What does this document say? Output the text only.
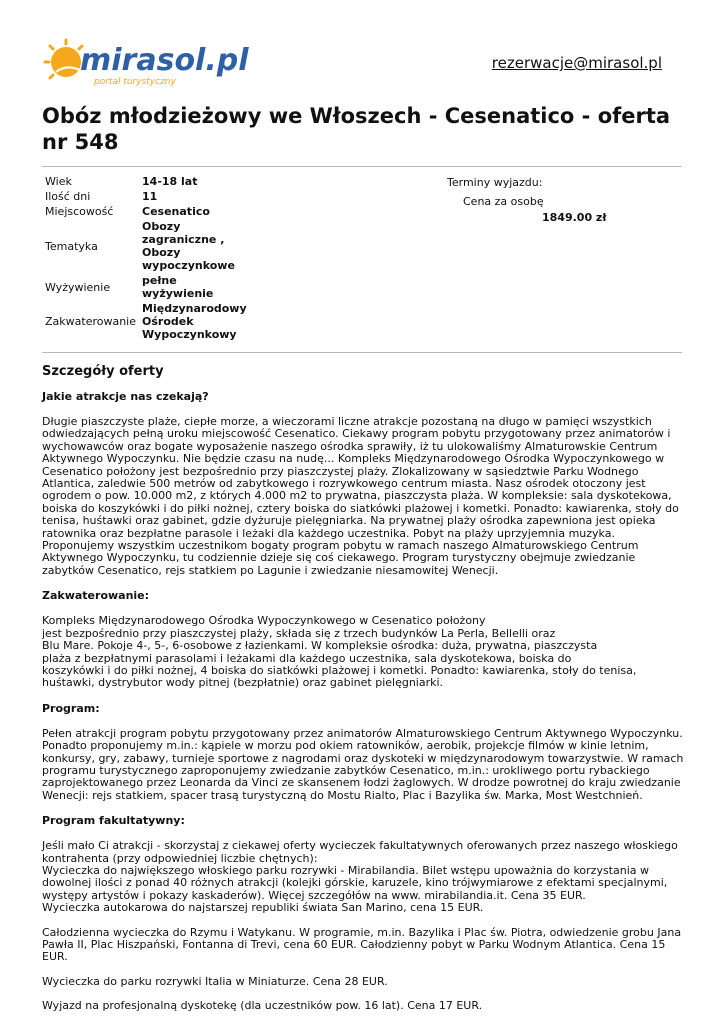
mirasol.pl
portal turystyczny
rezerwacje@mirasol.pl
Obóz młodzieżowy we Włoszech - Cesenatico - oferta nr 548
Wiek	14-18 lat
Ilość dni	11
Miejscowość	Cesenatico
Tematyka	Obozy zagraniczne , Obozy wypoczynkowe
Wyżywienie	pełne wyżywienie
Zakwaterowanie	Międzynarodowy Ośrodek Wypoczynkowy
Terminy wyjazdu:
Cena za osobę
1849.00 zł
Szczegóły oferty
Jakie atrakcje nas czekają?

Długie piaszczyste plaże, ciepłe morze, a wieczorami liczne atrakcje pozostaną na długo w pamięci wszystkich odwiedzających pełną uroku miejscowość Cesenatico. Ciekawy program pobytu przygotowany przez animatorów i wychowawców oraz bogate wyposażenie naszego ośrodka sprawiły, iż tu ulokowaliśmy Almaturowskie Centrum Aktywnego Wypoczynku. Nie będzie czasu na nudę... Kompleks Międzynarodowego Ośrodka Wypoczynkowego w Cesenatico położony jest bezpośrednio przy piaszczystej plaży. Zlokalizowany w sąsiedztwie Parku Wodnego Atlantica, zaledwie 500 metrów od zabytkowego i rozrywkowego centrum miasta. Nasz ośrodek otoczony jest ogrodem o pow. 10.000 m2, z których 4.000 m2 to prywatna, piaszczysta plaża. W kompleksie: sala dyskotekowa, boiska do koszykówki i do piłki nożnej, cztery boiska do siatkówki plażowej i kometki. Ponadto: kawiarenka, stoły do tenisa, huśtawki oraz gabinet, gdzie dyżuruje pielęgniarka. Na prywatnej plaży ośrodka zapewniona jest opieka ratownika oraz bezpłatne parasole i leżaki dla każdego uczestnika. Pobyt na plaży uprzyjemnia muzyka. Proponujemy wszystkim uczestnikom bogaty program pobytu w ramach naszego Almaturowskiego Centrum Aktywnego Wypoczynku, tu codziennie dzieje się coś ciekawego. Program turystyczny obejmuje zwiedzanie zabytków Cesenatico, rejs statkiem po Lagunie i zwiedzanie niesamowitej Wenecji.

Zakwaterowanie:

Kompleks Międzynarodowego Ośrodka Wypoczynkowego w Cesenatico położony
jest bezpośrednio przy piaszczystej plaży, składa się z trzech budynków La Perla, Bellelli oraz
Blu Mare. Pokoje 4-, 5-, 6-osobowe z łazienkami. W kompleksie ośrodka: duża, prywatna, piaszczysta
plaża z bezpłatnymi parasolami i leżakami dla każdego uczestnika, sala dyskotekowa, boiska do
koszykówki i do piłki nożnej, 4 boiska do siatkówki plażowej i kometki. Ponadto: kawiarenka, stoły do tenisa, huśtawki, dystrybutor wody pitnej (bezpłatnie) oraz gabinet pielęgniarki.

Program:

Pełen atrakcji program pobytu przygotowany przez animatorów Almaturowskiego Centrum Aktywnego Wypoczynku. Ponadto proponujemy m.in.: kąpiele w morzu pod okiem ratowników, aerobik, projekcje filmów w kinie letnim, konkursy, gry, zabawy, turnieje sportowe z nagrodami oraz dyskoteki w międzynarodowym towarzystwie. W ramach programu turystycznego zaproponujemy zwiedzanie zabytków Cesenatico, m.in.: urokliwego portu rybackiego zaprojektowanego przez Leonarda da Vinci ze skansenem łodzi żaglowych. W drodze powrotnej do kraju zwiedzanie Wenecji: rejs statkiem, spacer trasą turystyczną do Mostu Rialto, Plac i Bazylika św. Marka, Most Westchnień.

Program fakultatywny:

Jeśli mało Ci atrakcji - skorzystaj z ciekawej oferty wycieczek fakultatywnych oferowanych przez naszego włoskiego kontrahenta (przy odpowiedniej liczbie chętnych):
Wycieczka do największego włoskiego parku rozrywki - Mirabilandia. Bilet wstępu upoważnia do korzystania w dowolnej ilości z ponad 40 różnych atrakcji (kolejki górskie, karuzele, kino trójwymiarowe z efektami specjalnymi, występy artystów i pokazy kaskaderów). Więcej szczegółów na www. mirabilandia.it. Cena 35 EUR.
Wycieczka autokarowa do najstarszej republiki świata San Marino, cena 15 EUR.

Całodzienna wycieczka do Rzymu i Watykanu. W programie, m.in. Bazylika i Plac św. Piotra, odwiedzenie grobu Jana Pawła II, Plac Hiszpański, Fontanna di Trevi, cena 60 EUR. Całodzienny pobyt w Parku Wodnym Atlantica. Cena 15 EUR.

Wycieczka do parku rozrywki Italia w Miniaturze. Cena 28 EUR.

Wyjazd na profesjonalną dyskotekę (dla uczestników pow. 16 lat). Cena 17 EUR.
